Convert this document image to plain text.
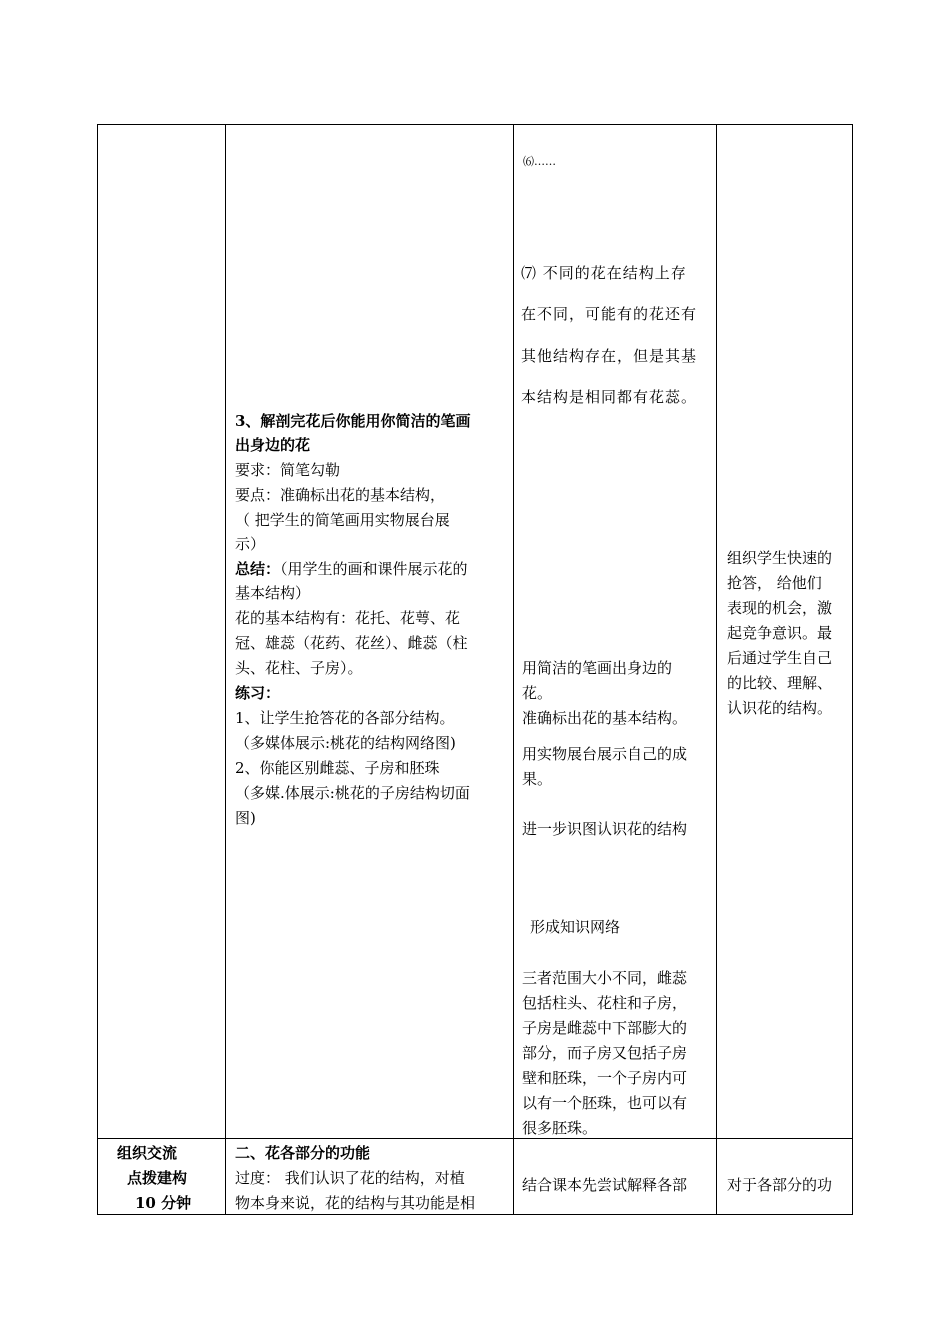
⑹……
⑺ 不同的花在结构上存
在不同，可能有的花还有
其他结构存在，但是其基
本结构是相同都有花蕊。
3、解剖完花后你能用你简洁的笔画
出身边的花
要求：简笔勾勒
要点：准确标出花的基本结构，
（ 把学生的简笔画用实物展台展
示）
总结：（用学生的画和课件展示花的
基本结构）
花的基本结构有：花托、花萼、花
冠、雄蕊（花药、花丝）、雌蕊（柱
头、花柱、子房）。
练习：
1、让学生抢答花的各部分结构。
（多媒体展示:桃花的结构网络图)
2、你能区别雌蕊、子房和胚珠
（多媒.体展示:桃花的子房结构切面
图)
用简洁的笔画出身边的
花。
准确标出花的基本结构。
用实物展台展示自己的成
果。
进一步识图认识花的结构
形成知识网络
三者范围大小不同，雌蕊
包括柱头、花柱和子房，
子房是雌蕊中下部膨大的
部分，而子房又包括子房
壁和胚珠，一个子房内可
以有一个胚珠，也可以有
很多胚珠。
组织学生快速的
抢答， 给他们
表现的机会，激
起竞争意识。最
后通过学生自己
的比较、理解、
认识花的结构。
组织交流
点拨建构
10 分钟
二、花各部分的功能
过度： 我们认识了花的结构，对植
物本身来说，花的结构与其功能是相
结合课本先尝试解释各部	对于各部分的功
